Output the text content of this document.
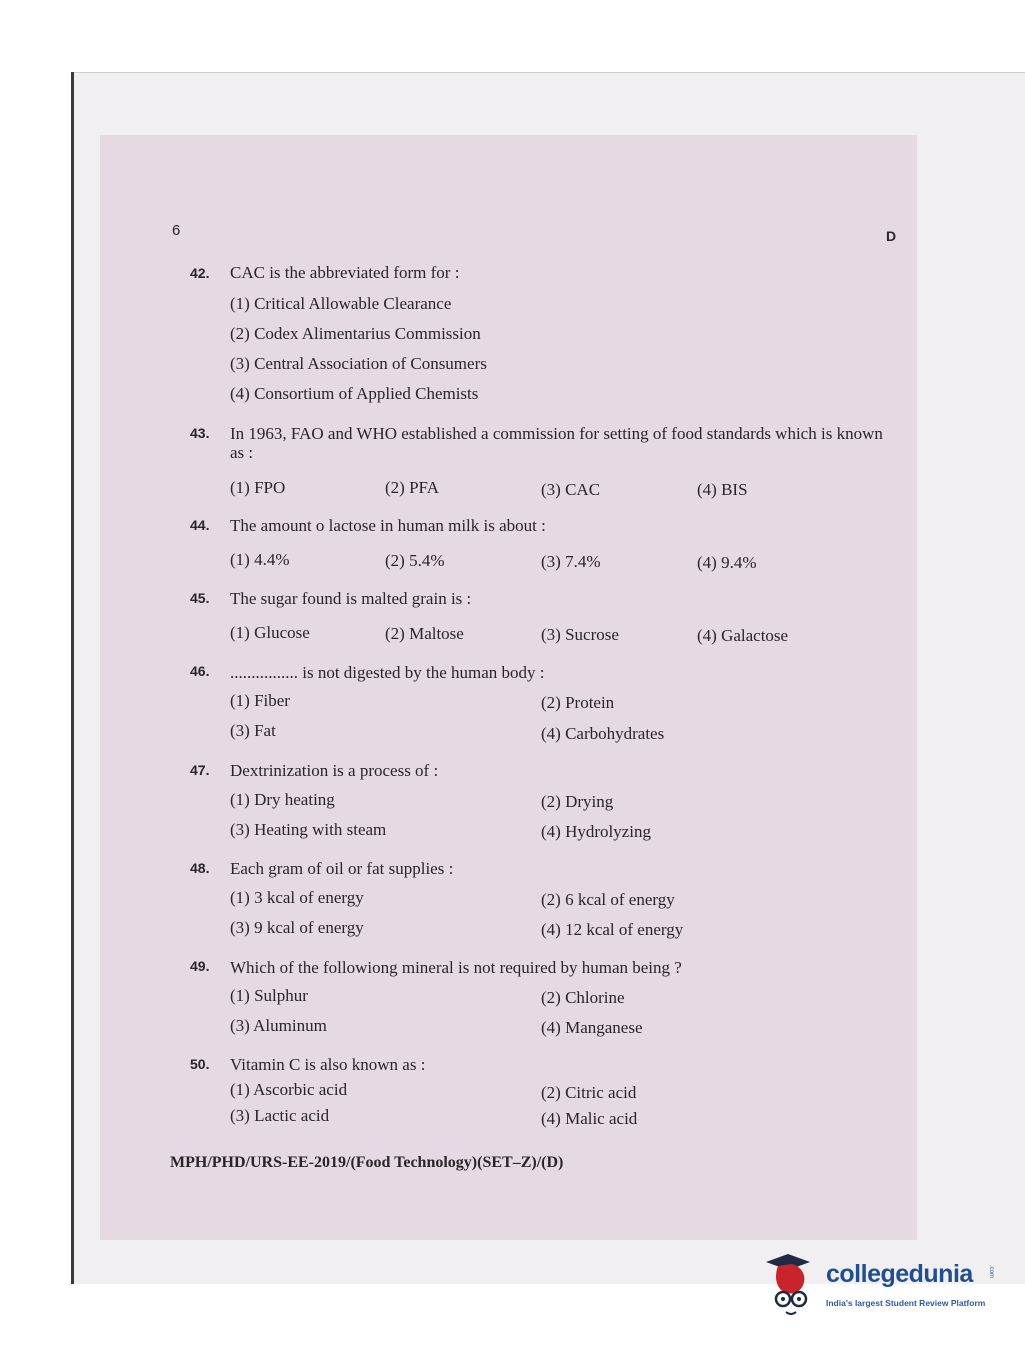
6	D
42. CAC is the abbreviated form for :
(1) Critical Allowable Clearance
(2) Codex Alimentarius Commission
(3) Central Association of Consumers
(4) Consortium of Applied Chemists
43. In 1963, FAO and WHO established a commission for setting of food standards which is known as :
(1) FPO	(2) PFA	(3) CAC	(4) BIS
44. The amount o lactose in human milk is about :
(1) 4.4%	(2) 5.4%	(3) 7.4%	(4) 9.4%
45. The sugar found is malted grain is :
(1) Glucose	(2) Maltose	(3) Sucrose	(4) Galactose
46. ................ is not digested by the human body :
(1) Fiber	(2) Protein
(3) Fat	(4) Carbohydrates
47. Dextrinization is a process of :
(1) Dry heating	(2) Drying
(3) Heating with steam	(4) Hydrolyzing
48. Each gram of oil or fat supplies :
(1) 3 kcal of energy	(2) 6 kcal of energy
(3) 9 kcal of energy	(4) 12 kcal of energy
49. Which of the followiong mineral is not required by human being ?
(1) Sulphur	(2) Chlorine
(3) Aluminum	(4) Manganese
50. Vitamin C is also known as :
(1) Ascorbic acid	(2) Citric acid
(3) Lactic acid	(4) Malic acid
MPH/PHD/URS-EE-2019/(Food Technology)(SET–Z)/(D)
collegedunia	.com
India's largest Student Review Platform
